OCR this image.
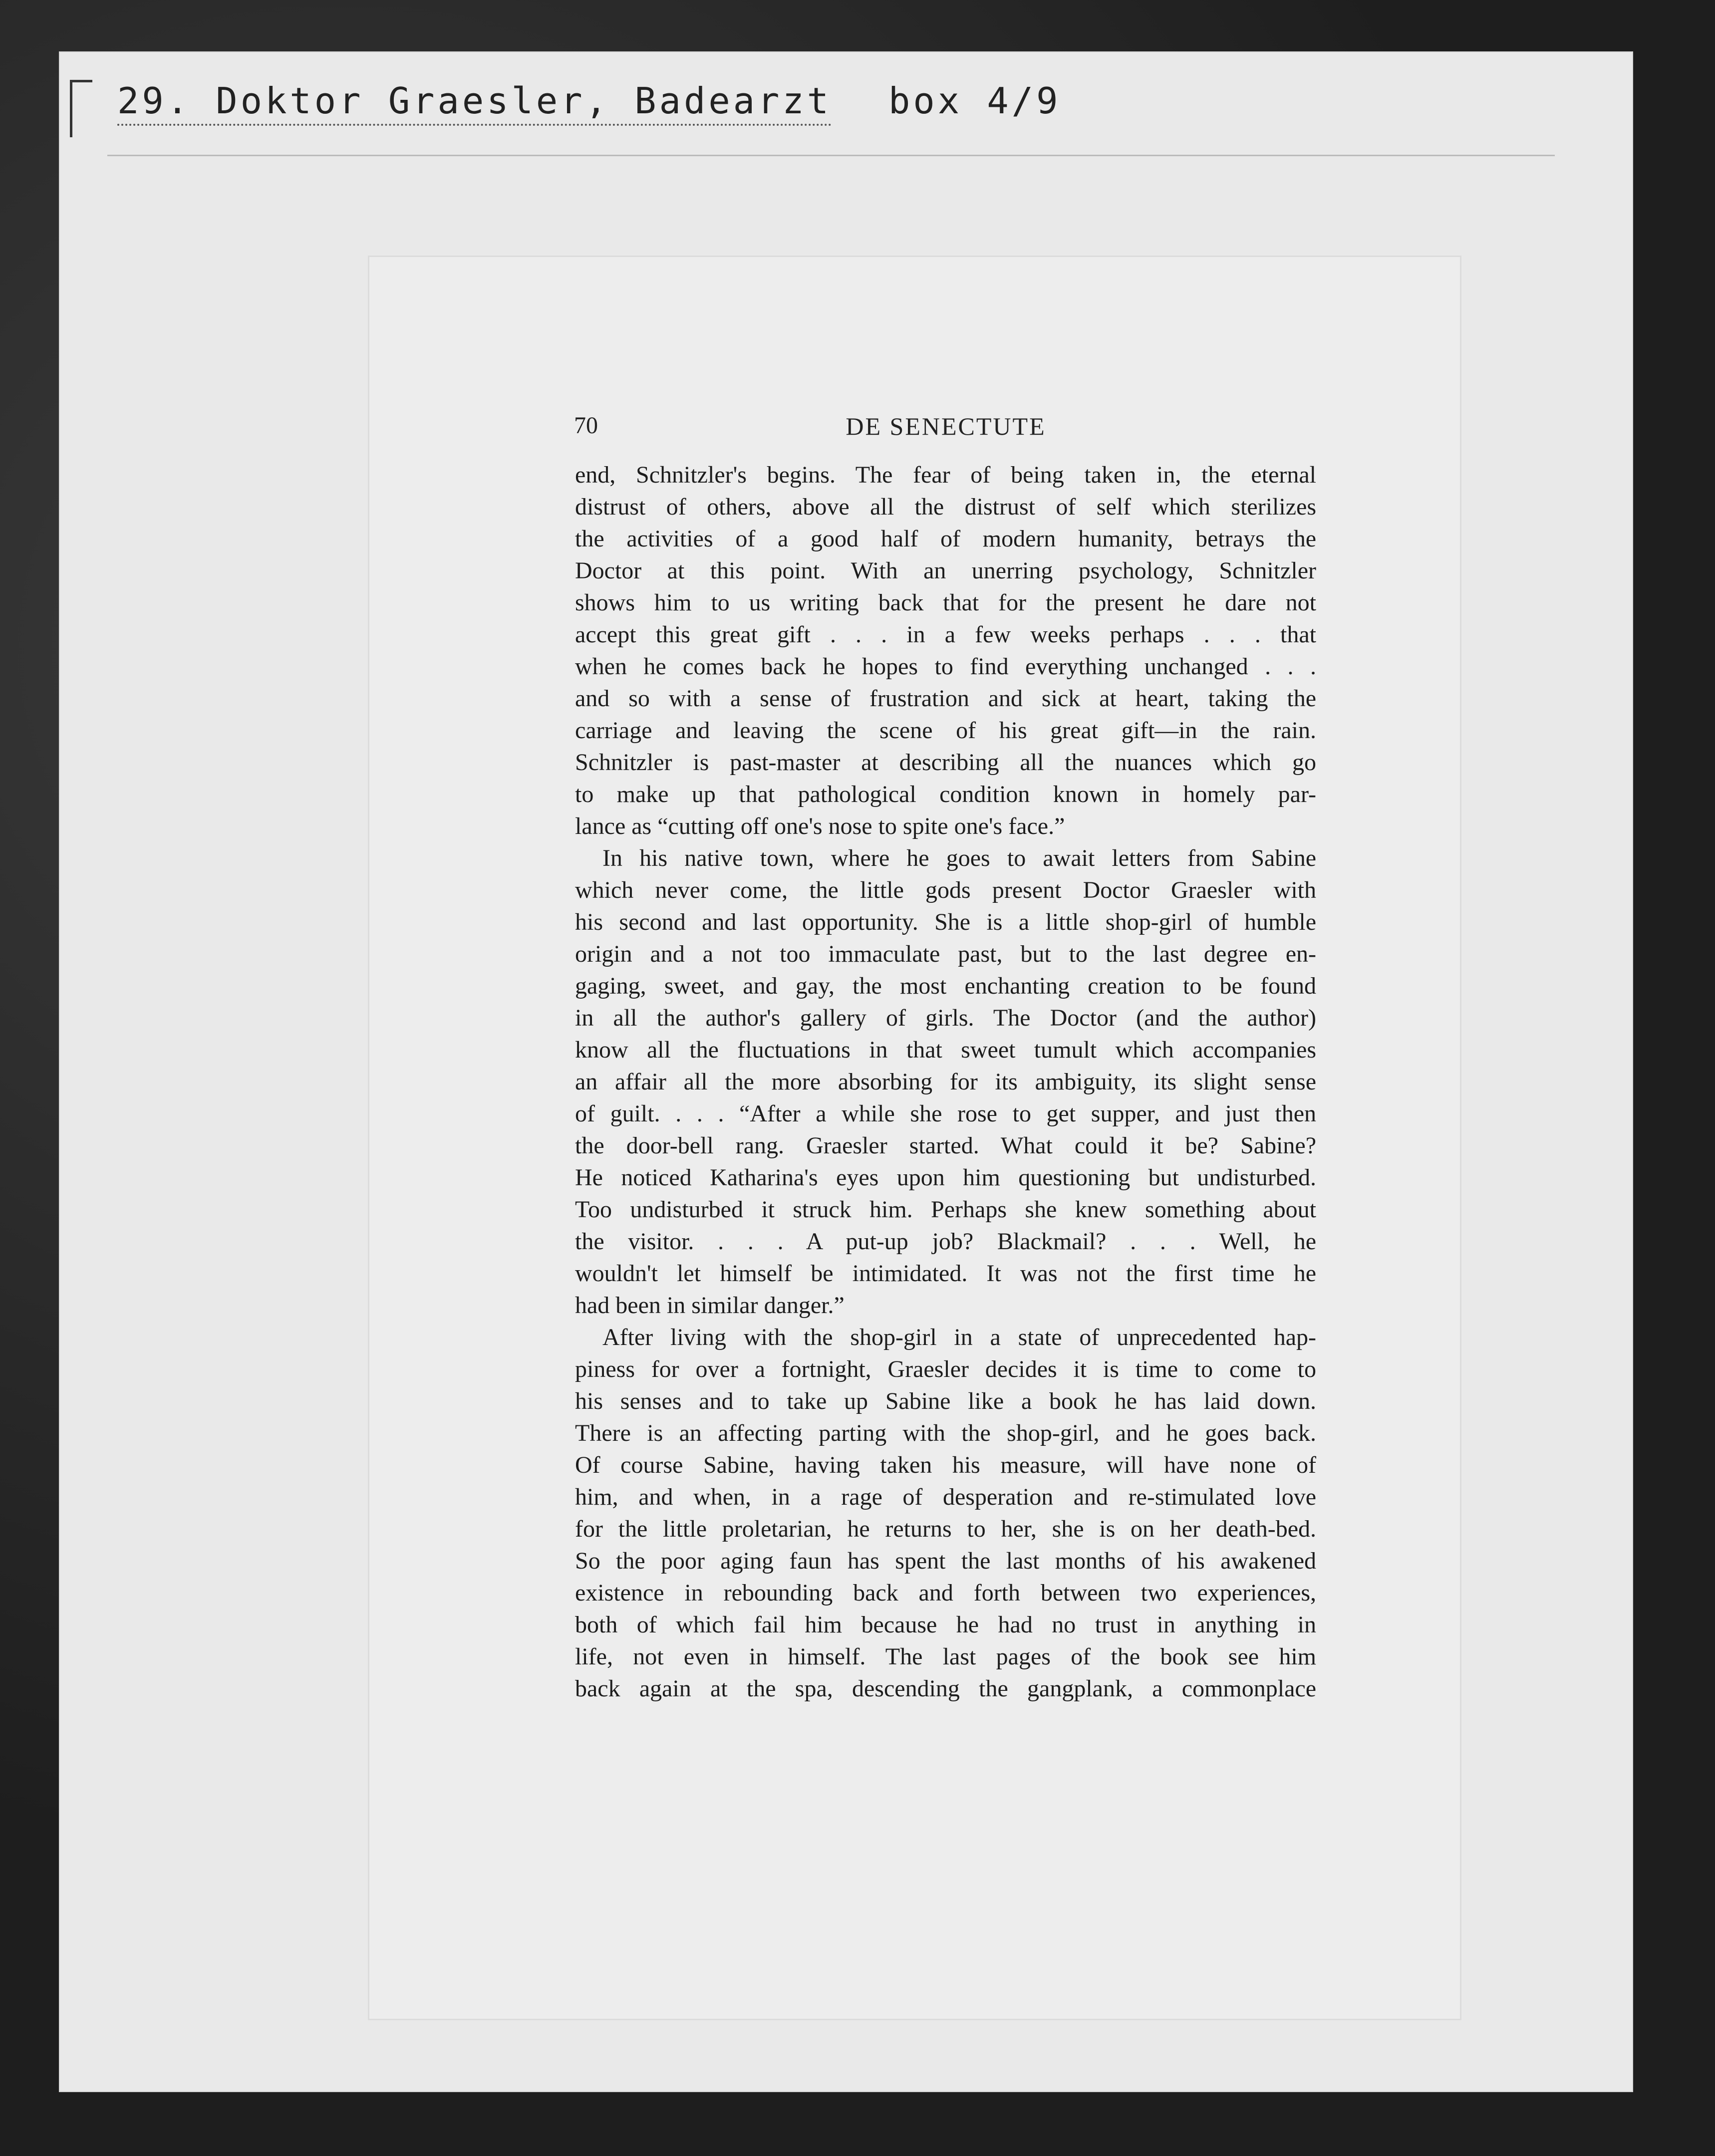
29. Doktor Graesler, Badearzt box 4/9
70	DE SENECTUTE
end, Schnitzler's begins. The fear of being taken in, the eternal
distrust of others, above all the distrust of self which sterilizes
the activities of a good half of modern humanity, betrays the
Doctor at this point. With an unerring psychology, Schnitzler
shows him to us writing back that for the present he dare not
accept this great gift . . . in a few weeks perhaps . . . that
when he comes back he hopes to find everything unchanged . . .
and so with a sense of frustration and sick at heart, taking the
carriage and leaving the scene of his great gift—in the rain.
Schnitzler is past-master at describing all the nuances which go
to make up that pathological condition known in homely par-
lance as “cutting off one's nose to spite one's face.”
In his native town, where he goes to await letters from Sabine
which never come, the little gods present Doctor Graesler with
his second and last opportunity. She is a little shop-girl of humble
origin and a not too immaculate past, but to the last degree en-
gaging, sweet, and gay, the most enchanting creation to be found
in all the author's gallery of girls. The Doctor (and the author)
know all the fluctuations in that sweet tumult which accompanies
an affair all the more absorbing for its ambiguity, its slight sense
of guilt. . . . “After a while she rose to get supper, and just then
the door-bell rang. Graesler started. What could it be? Sabine?
He noticed Katharina's eyes upon him questioning but undisturbed.
Too undisturbed it struck him. Perhaps she knew something about
the visitor. . . . A put-up job? Blackmail? . . . Well, he
wouldn't let himself be intimidated. It was not the first time he
had been in similar danger.”
After living with the shop-girl in a state of unprecedented hap-
piness for over a fortnight, Graesler decides it is time to come to
his senses and to take up Sabine like a book he has laid down.
There is an affecting parting with the shop-girl, and he goes back.
Of course Sabine, having taken his measure, will have none of
him, and when, in a rage of desperation and re-stimulated love
for the little proletarian, he returns to her, she is on her death-bed.
So the poor aging faun has spent the last months of his awakened
existence in rebounding back and forth between two experiences,
both of which fail him because he had no trust in anything in
life, not even in himself. The last pages of the book see him
back again at the spa, descending the gangplank, a commonplace
